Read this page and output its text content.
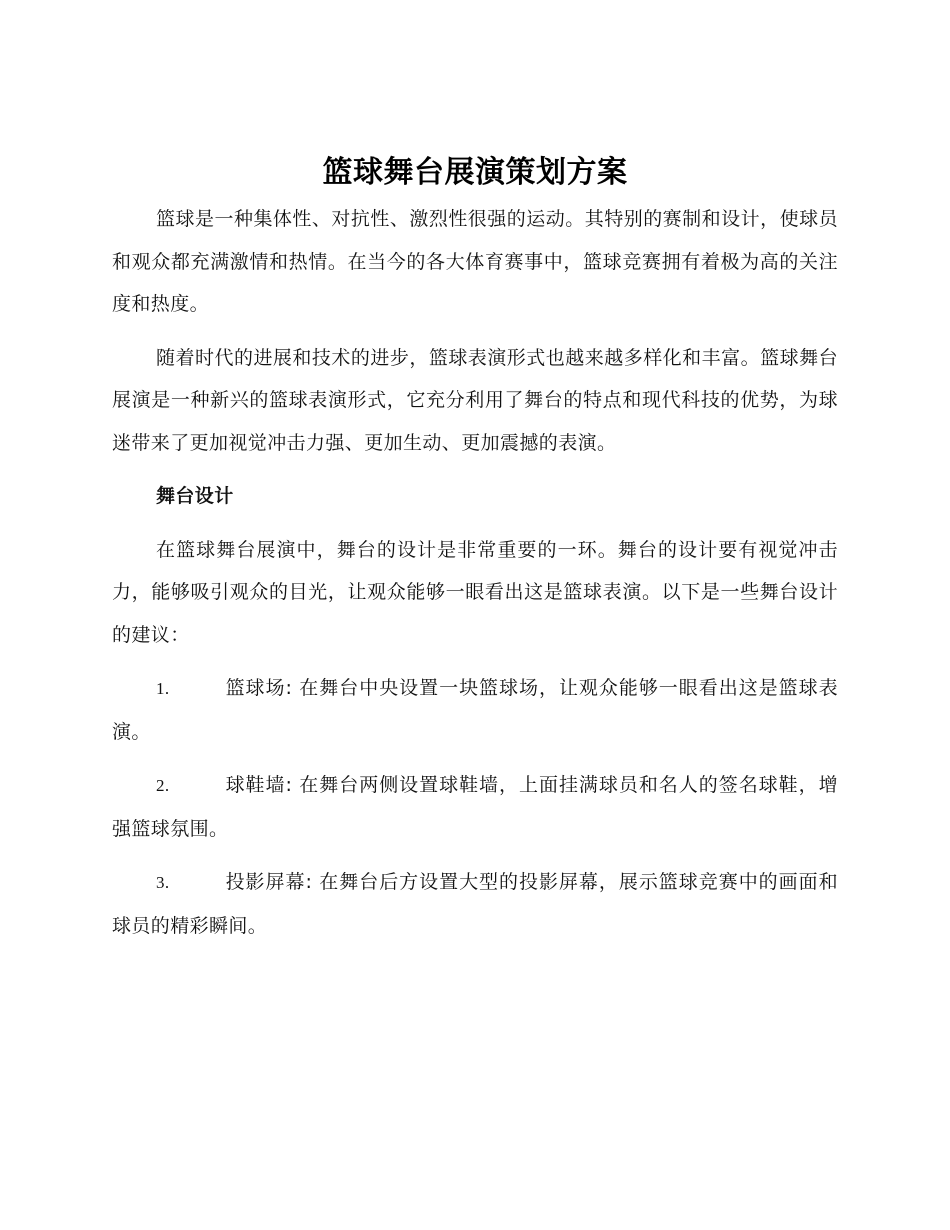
篮球舞台展演策划方案

篮球是一种集体性、对抗性、激烈性很强的运动。其特别的赛制和设计，使球员和观众都充满激情和热情。在当今的各大体育赛事中，篮球竞赛拥有着极为高的关注度和热度。

随着时代的进展和技术的进步，篮球表演形式也越来越多样化和丰富。篮球舞台展演是一种新兴的篮球表演形式，它充分利用了舞台的特点和现代科技的优势，为球迷带来了更加视觉冲击力强、更加生动、更加震撼的表演。

舞台设计

在篮球舞台展演中，舞台的设计是非常重要的一环。舞台的设计要有视觉冲击力，能够吸引观众的目光，让观众能够一眼看出这是篮球表演。以下是一些舞台设计的建议：

1.	篮球场: 在舞台中央设置一块篮球场，让观众能够一眼看出这是篮球表演。

2.	球鞋墙: 在舞台两侧设置球鞋墙，上面挂满球员和名人的签名球鞋，增强篮球氛围。

3.	投影屏幕: 在舞台后方设置大型的投影屏幕，展示篮球竞赛中的画面和球员的精彩瞬间。
